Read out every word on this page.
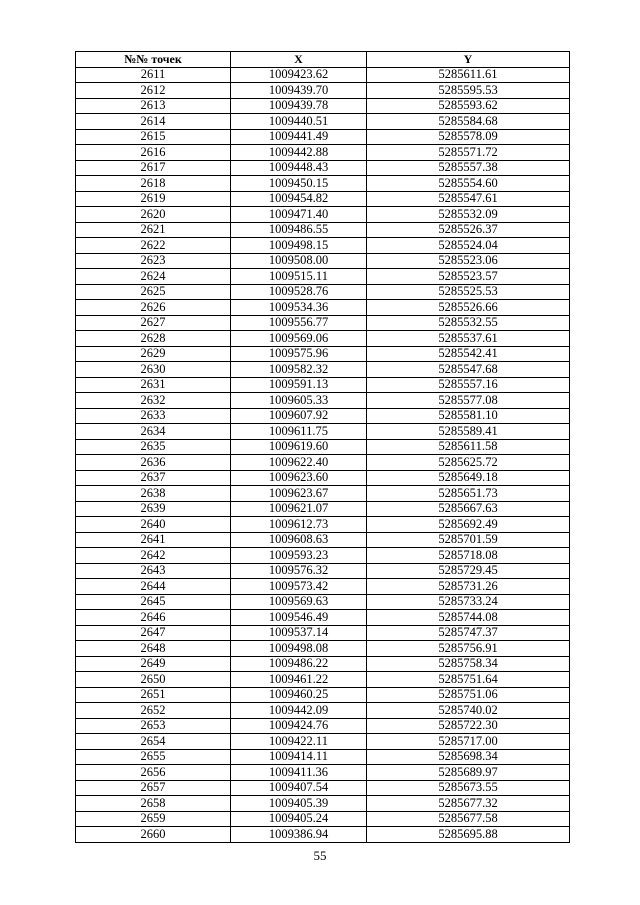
№№ точек	X	Y
2611	1009423.62	5285611.61
2612	1009439.70	5285595.53
2613	1009439.78	5285593.62
2614	1009440.51	5285584.68
2615	1009441.49	5285578.09
2616	1009442.88	5285571.72
2617	1009448.43	5285557.38
2618	1009450.15	5285554.60
2619	1009454.82	5285547.61
2620	1009471.40	5285532.09
2621	1009486.55	5285526.37
2622	1009498.15	5285524.04
2623	1009508.00	5285523.06
2624	1009515.11	5285523.57
2625	1009528.76	5285525.53
2626	1009534.36	5285526.66
2627	1009556.77	5285532.55
2628	1009569.06	5285537.61
2629	1009575.96	5285542.41
2630	1009582.32	5285547.68
2631	1009591.13	5285557.16
2632	1009605.33	5285577.08
2633	1009607.92	5285581.10
2634	1009611.75	5285589.41
2635	1009619.60	5285611.58
2636	1009622.40	5285625.72
2637	1009623.60	5285649.18
2638	1009623.67	5285651.73
2639	1009621.07	5285667.63
2640	1009612.73	5285692.49
2641	1009608.63	5285701.59
2642	1009593.23	5285718.08
2643	1009576.32	5285729.45
2644	1009573.42	5285731.26
2645	1009569.63	5285733.24
2646	1009546.49	5285744.08
2647	1009537.14	5285747.37
2648	1009498.08	5285756.91
2649	1009486.22	5285758.34
2650	1009461.22	5285751.64
2651	1009460.25	5285751.06
2652	1009442.09	5285740.02
2653	1009424.76	5285722.30
2654	1009422.11	5285717.00
2655	1009414.11	5285698.34
2656	1009411.36	5285689.97
2657	1009407.54	5285673.55
2658	1009405.39	5285677.32
2659	1009405.24	5285677.58
2660	1009386.94	5285695.88
55
